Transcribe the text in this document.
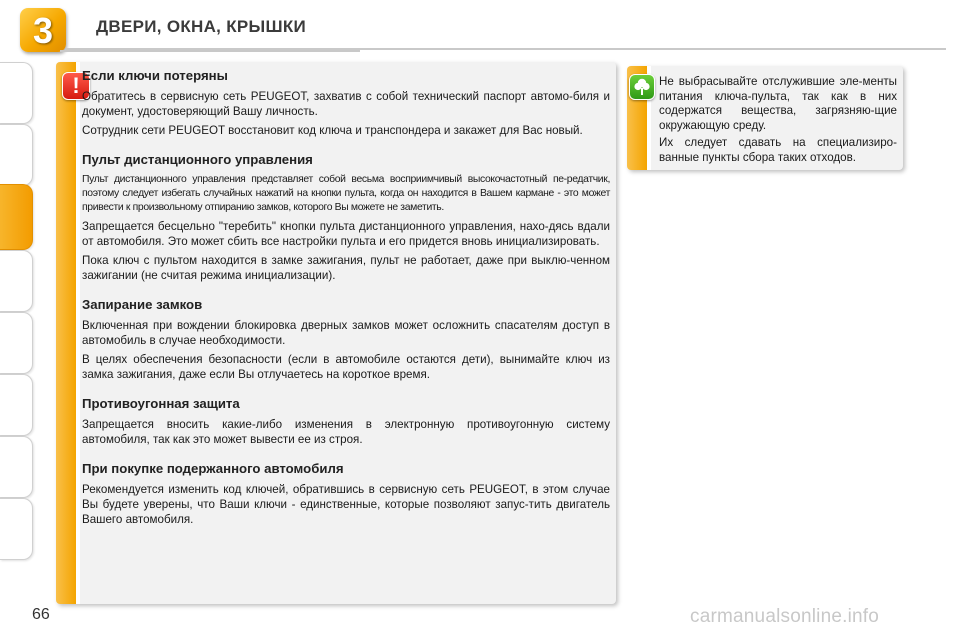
3	ДВЕРИ, ОКНА, КРЫШКИ
! Если ключи потеряны

Обратитесь в сервисную сеть PEUGEOT, захватив с собой технический паспорт автомо-биля и документ, удостоверяющий Вашу личность.

Сотрудник сети PEUGEOT восстановит код ключа и транспондера и закажет для Вас новый.

Пульт дистанционного управления

Пульт дистанционного управления представляет собой весьма восприимчивый высокочастотный пе-редатчик, поэтому следует избегать случайных нажатий на кнопки пульта, когда он находится в Вашем кармане - это может привести к произвольному отпиранию замков, которого Вы можете не заметить.

Запрещается бесцельно "теребить" кнопки пульта дистанционного управления, нахо-дясь вдали от автомобиля. Это может сбить все настройки пульта и его придется вновь инициализировать.

Пока ключ с пультом находится в замке зажигания, пульт не работает, даже при выклю-ченном зажигании (не считая режима инициализации).

Запирание замков

Включенная при вождении блокировка дверных замков может осложнить спасателям доступ в автомобиль в случае необходимости.

В целях обеспечения безопасности (если в автомобиле остаются дети), вынимайте ключ из замка зажигания, даже если Вы отлучаетесь на короткое время.

Противоугонная защита

Запрещается вносить какие-либо изменения в электронную противоугонную систему автомобиля, так как это может вывести ее из строя.

При покупке подержанного автомобиля

Рекомендуется изменить код ключей, обратившись в сервисную сеть PEUGEOT, в этом случае Вы будете уверены, что Ваши ключи - единственные, которые позволяют запус-тить двигатель Вашего автомобиля.

Не выбрасывайте отслужившие эле-менты питания ключа-пульта, так как в них содержатся вещества, загрязняю-щие окружающую среду.

Их следует сдавать на специализиро-ванные пункты сбора таких отходов.

66	carmanualsonline.info
